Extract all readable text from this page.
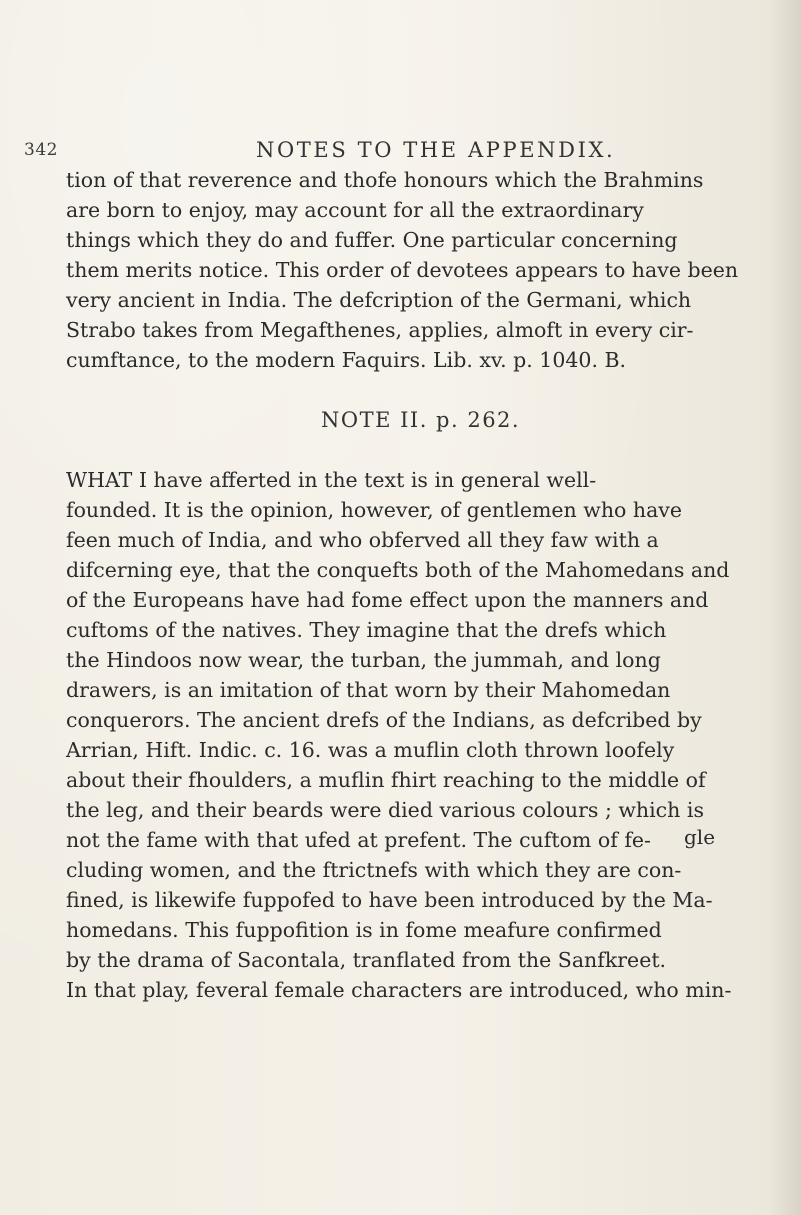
342	NOTES TO THE APPENDIX.
tion of that reverence and thofe honours which the Brahmins
are born to enjoy, may account for all the extraordinary
things which they do and fuffer. One particular concerning
them merits notice. This order of devotees appears to have been
very ancient in India. The defcription of the Germani, which
Strabo takes from Megafthenes, applies, almoft in every cir-
cumftance, to the modern Faquirs. Lib. xv. p. 1040. B.
NOTE II. p. 262.
WHAT I have afferted in the text is in general well-
founded. It is the opinion, however, of gentlemen who have
feen much of India, and who obferved all they faw with a
difcerning eye, that the conquefts both of the Mahomedans and
of the Europeans have had fome effect upon the manners and
cuftoms of the natives. They imagine that the drefs which
the Hindoos now wear, the turban, the jummah, and long
drawers, is an imitation of that worn by their Mahomedan
conquerors. The ancient drefs of the Indians, as defcribed by
Arrian, Hift. Indic. c. 16. was a muflin cloth thrown loofely
about their fhoulders, a muflin fhirt reaching to the middle of
the leg, and their beards were died various colours ; which is
not the fame with that ufed at prefent. The cuftom of fe-
cluding women, and the ftrictnefs with which they are con-
fined, is likewife fuppofed to have been introduced by the Ma-
homedans. This fuppofition is in fome meafure confirmed
by the drama of Sacontala, tranflated from the Sanfkreet.
In that play, feveral female characters are introduced, who min-
gle
